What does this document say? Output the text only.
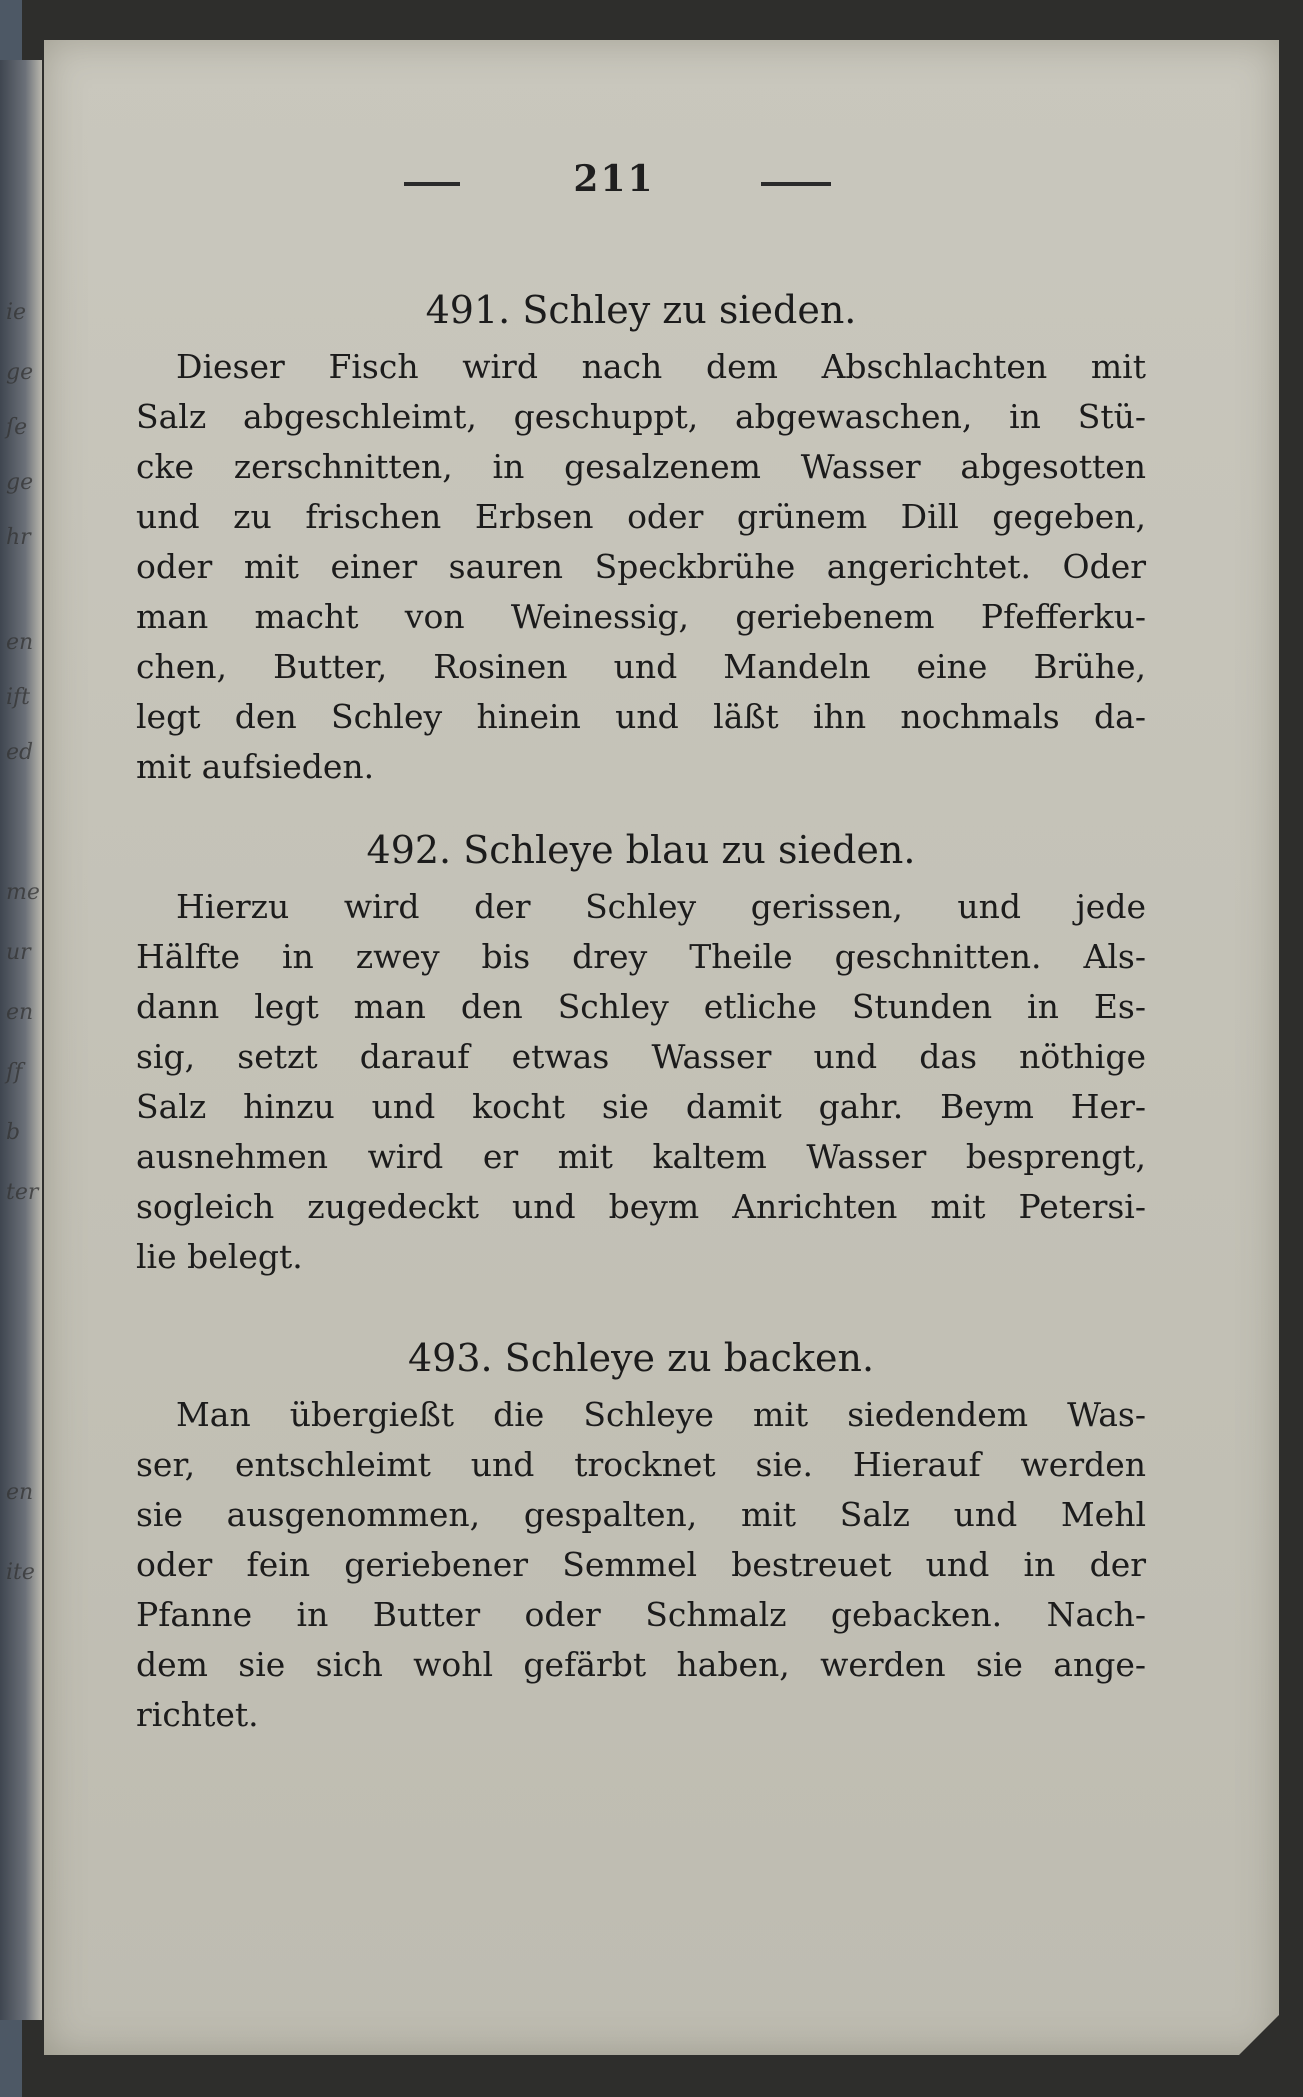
ie
ge
ſe
ge
hr
en
ift
ed
me
ur
en
ſf
b
ter
en
ite
211
491. Schley zu sieden.
Dieser Fisch wird nach dem Abschlachten mit
Salz abgeschleimt, geschuppt, abgewaschen, in Stü-
cke zerschnitten, in gesalzenem Wasser abgesotten
und zu frischen Erbsen oder grünem Dill gegeben,
oder mit einer sauren Speckbrühe angerichtet. Oder
man macht von Weinessig, geriebenem Pfefferku-
chen, Butter, Rosinen und Mandeln eine Brühe,
legt den Schley hinein und läßt ihn nochmals da-
mit aufsieden.
492. Schleye blau zu sieden.
Hierzu wird der Schley gerissen, und jede
Hälfte in zwey bis drey Theile geschnitten. Als-
dann legt man den Schley etliche Stunden in Es-
sig, setzt darauf etwas Wasser und das nöthige
Salz hinzu und kocht sie damit gahr. Beym Her-
ausnehmen wird er mit kaltem Wasser besprengt,
sogleich zugedeckt und beym Anrichten mit Petersi-
lie belegt.
493. Schleye zu backen.
Man übergießt die Schleye mit siedendem Was-
ser, entschleimt und trocknet sie. Hierauf werden
sie ausgenommen, gespalten, mit Salz und Mehl
oder fein geriebener Semmel bestreuet und in der
Pfanne in Butter oder Schmalz gebacken. Nach-
dem sie sich wohl gefärbt haben, werden sie ange-
richtet.
